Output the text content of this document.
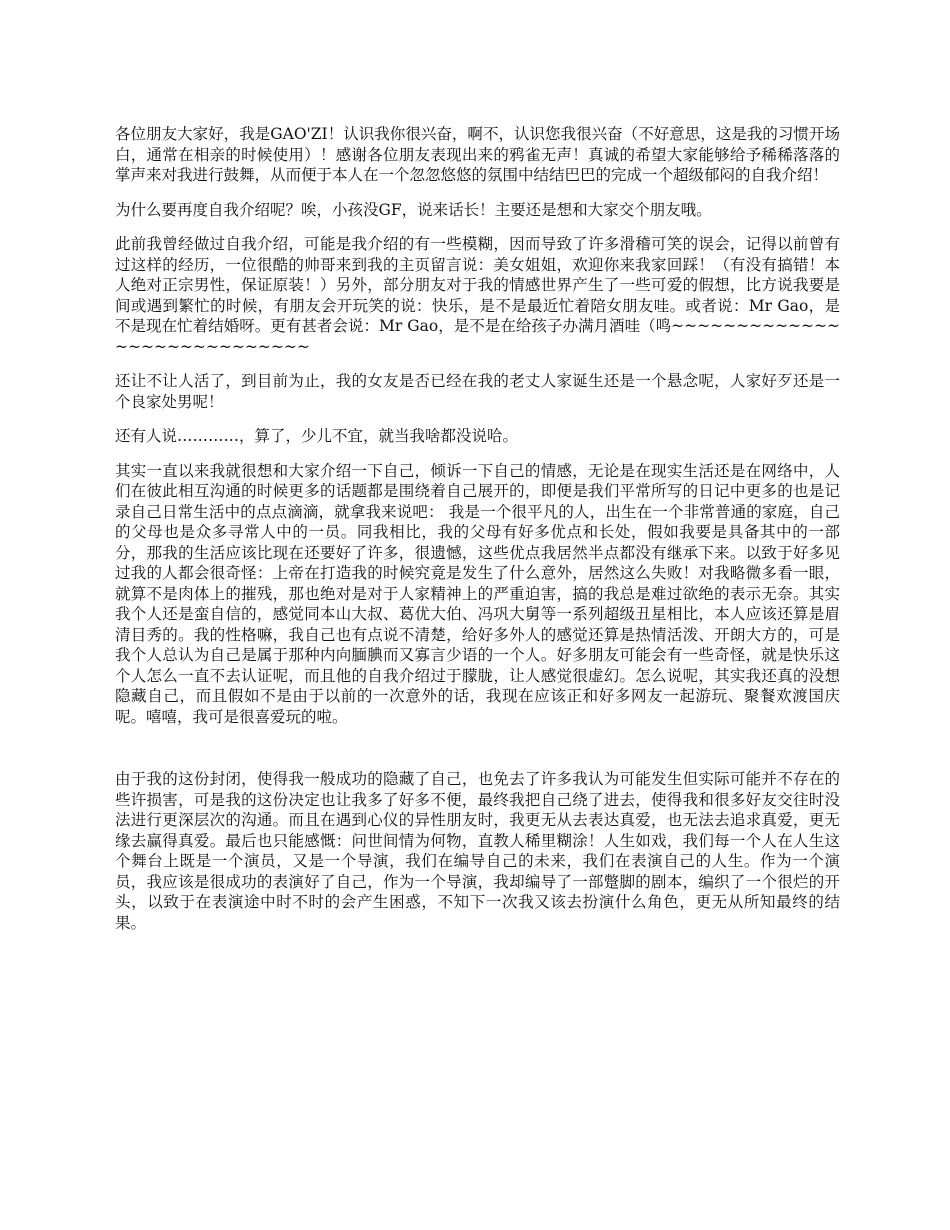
各位朋友大家好，我是GAO'ZI！认识我你很兴奋，啊不，认识您我很兴奋（不好意思，这是我的习惯开场白，通常在相亲的时候使用）！感谢各位朋友表现出来的鸦雀无声！真诚的希望大家能够给予稀稀落落的掌声来对我进行鼓舞，从而便于本人在一个忽忽悠悠的氛围中结结巴巴的完成一个超级郁闷的自我介绍！

为什么要再度自我介绍呢？唉，小孩没GF，说来话长！主要还是想和大家交个朋友哦。

此前我曾经做过自我介绍，可能是我介绍的有一些模糊，因而导致了许多滑稽可笑的误会，记得以前曾有过这样的经历，一位很酷的帅哥来到我的主页留言说：美女姐姐，欢迎你来我家回踩！（有没有搞错！本人绝对正宗男性，保证原装！）另外，部分朋友对于我的情感世界产生了一些可爱的假想，比方说我要是间或遇到繁忙的时候，有朋友会开玩笑的说：快乐，是不是最近忙着陪女朋友哇。或者说：Mr Gao，是不是现在忙着结婚呀。更有甚者会说：Mr Gao，是不是在给孩子办满月酒哇（鸣~~~~~~~~~~~~~~~~~~~~~~~~~~~~

还让不让人活了，到目前为止，我的女友是否已经在我的老丈人家诞生还是一个悬念呢，人家好歹还是一个良家处男呢！

还有人说…………，算了，少儿不宜，就当我啥都没说哈。

其实一直以来我就很想和大家介绍一下自己，倾诉一下自己的情感，无论是在现实生活还是在网络中，人们在彼此相互沟通的时候更多的话题都是围绕着自己展开的，即便是我们平常所写的日记中更多的也是记录自己日常生活中的点点滴滴，就拿我来说吧： 我是一个很平凡的人，出生在一个非常普通的家庭，自己的父母也是众多寻常人中的一员。同我相比，我的父母有好多优点和长处，假如我要是具备其中的一部分，那我的生活应该比现在还要好了许多，很遗憾，这些优点我居然半点都没有继承下来。以致于好多见过我的人都会很奇怪：上帝在打造我的时候究竟是发生了什么意外，居然这么失败！对我略微多看一眼，就算不是肉体上的摧残，那也绝对是对于人家精神上的严重迫害，搞的我总是难过欲绝的表示无奈。其实我个人还是蛮自信的，感觉同本山大叔、葛优大伯、冯巩大舅等一系列超级丑星相比，本人应该还算是眉清目秀的。我的性格嘛，我自己也有点说不清楚，给好多外人的感觉还算是热情活泼、开朗大方的，可是我个人总认为自己是属于那种内向腼腆而又寡言少语的一个人。好多朋友可能会有一些奇怪，就是快乐这个人怎么一直不去认证呢，而且他的自我介绍过于朦胧，让人感觉很虚幻。怎么说呢，其实我还真的没想隐藏自己，而且假如不是由于以前的一次意外的话，我现在应该正和好多网友一起游玩、聚餐欢渡国庆呢。嘻嘻，我可是很喜爱玩的啦。

由于我的这份封闭，使得我一般成功的隐藏了自己，也免去了许多我认为可能发生但实际可能并不存在的些许损害，可是我的这份决定也让我多了好多不便，最终我把自己绕了进去，使得我和很多好友交往时没法进行更深层次的沟通。而且在遇到心仪的异性朋友时，我更无从去表达真爱，也无法去追求真爱，更无缘去赢得真爱。最后也只能感慨：问世间情为何物，直教人稀里糊涂！人生如戏，我们每一个人在人生这个舞台上既是一个演员，又是一个导演，我们在编导自己的未来，我们在表演自己的人生。作为一个演员，我应该是很成功的表演好了自己，作为一个导演，我却编导了一部蹩脚的剧本，编织了一个很烂的开头，以致于在表演途中时不时的会产生困惑，不知下一次我又该去扮演什么角色，更无从所知最终的结果。
